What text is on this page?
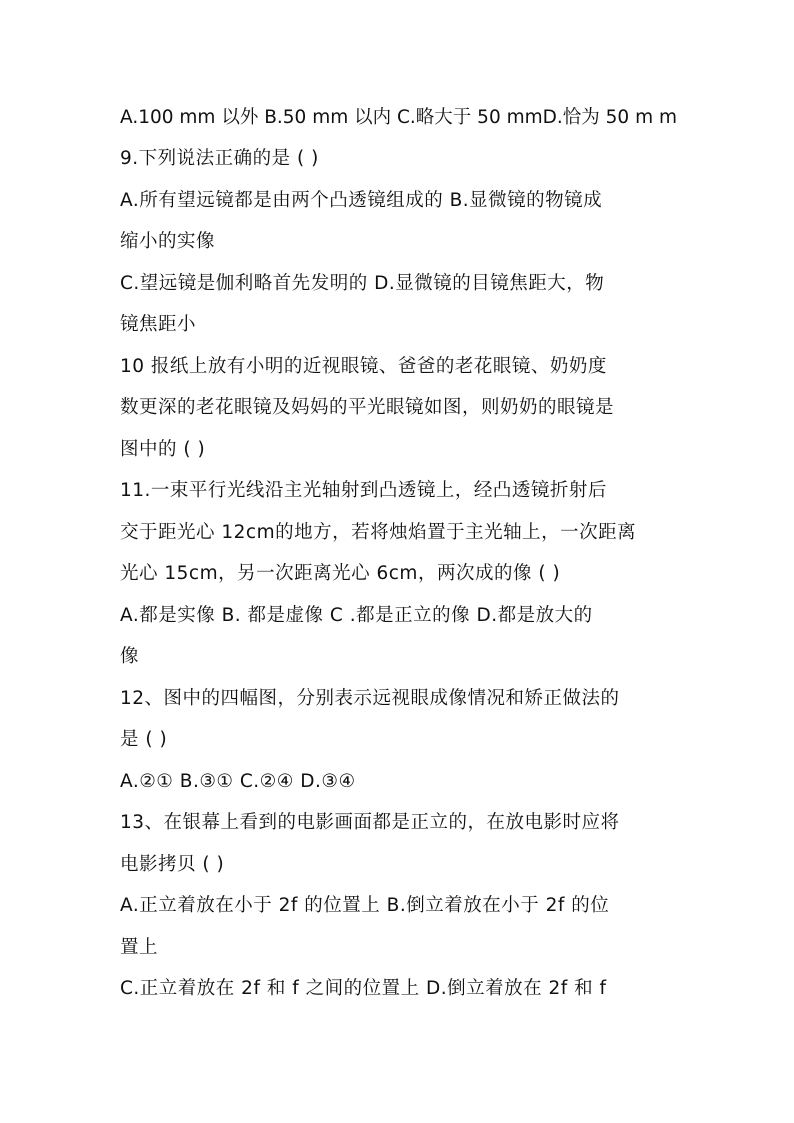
A.100 mm 以外 B.50 mm 以内 C.略大于 50 mmD.恰为 50 m m
9.下列说法正确的是 ( )
A.所有望远镜都是由两个凸透镜组成的 B.显微镜的物镜成
缩小的实像
C.望远镜是伽利略首先发明的 D.显微镜的目镜焦距大，物
镜焦距小
10 报纸上放有小明的近视眼镜、爸爸的老花眼镜、奶奶度
数更深的老花眼镜及妈妈的平光眼镜如图，则奶奶的眼镜是
图中的 ( )
11.一束平行光线沿主光轴射到凸透镜上，经凸透镜折射后
交于距光心 12cm的地方，若将烛焰置于主光轴上，一次距离
光心 15cm，另一次距离光心 6cm，两次成的像 ( )
A.都是实像 B. 都是虚像 C .都是正立的像 D.都是放大的
像
12、图中的四幅图，分别表示远视眼成像情况和矫正做法的
是 ( )
A.②① B.③① C.②④ D.③④
13、在银幕上看到的电影画面都是正立的，在放电影时应将
电影拷贝 ( )
A.正立着放在小于 2f 的位置上 B.倒立着放在小于 2f 的位
置上
C.正立着放在 2f 和 f 之间的位置上 D.倒立着放在 2f 和 f
